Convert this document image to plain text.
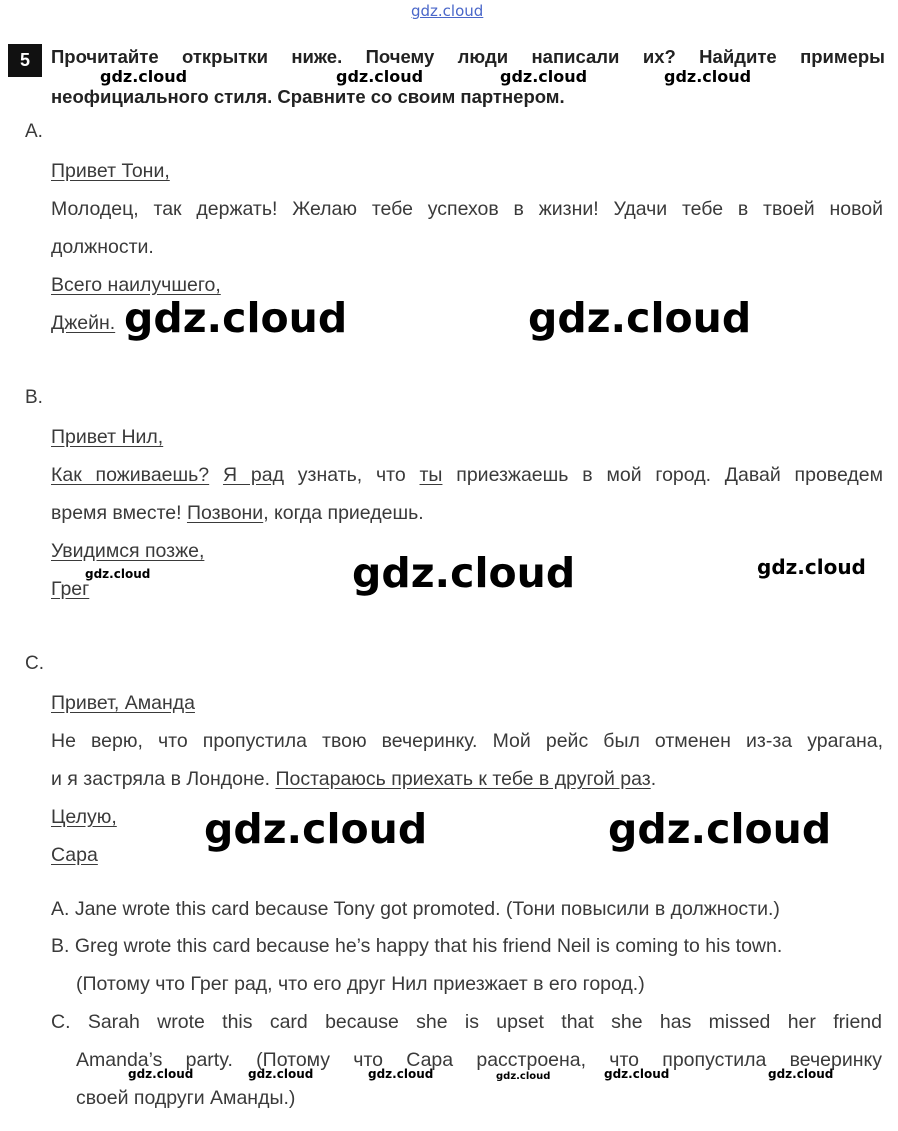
gdz.cloud
5	Прочитайте открытки ниже. Почему люди написали их? Найдите примеры
неофициального стиля. Сравните со своим партнером.
gdz.cloud	gdz.cloud	gdz.cloud	gdz.cloud
A.
Привет Тони,
Молодец, так держать! Желаю тебе успехов в жизни! Удачи тебе в твоей новой
должности.
Всего наилучшего,
Джейн. gdz.cloud	gdz.cloud
B.
Привет Нил,
Как поживаешь? Я рад узнать, что ты приезжаешь в мой город. Давай проведем
время вместе! Позвони, когда приедешь.
Увидимся позже,
Грег
gdz.cloud	gdz.cloud	gdz.cloud
C.
Привет, Аманда
Не верю, что пропустила твою вечеринку. Мой рейс был отменен из-за урагана,
и я застряла в Лондоне. Постараюсь приехать к тебе в другой раз.
Целую,
Сара
gdz.cloud	gdz.cloud
A. Jane wrote this card because Tony got promoted. (Тони повысили в должности.)
B. Greg wrote this card because he’s happy that his friend Neil is coming to his town.
(Потому что Грег рад, что его друг Нил приезжает в его город.)
C. Sarah wrote this card because she is upset that she has missed her friend
Amanda’s party. (Потому что Сара расстроена, что пропустила вечеринку
своей подруги Аманды.)
gdz.cloud	gdz.cloud	gdz.cloud	gdz.cloud	gdz.cloud	gdz.cloud
